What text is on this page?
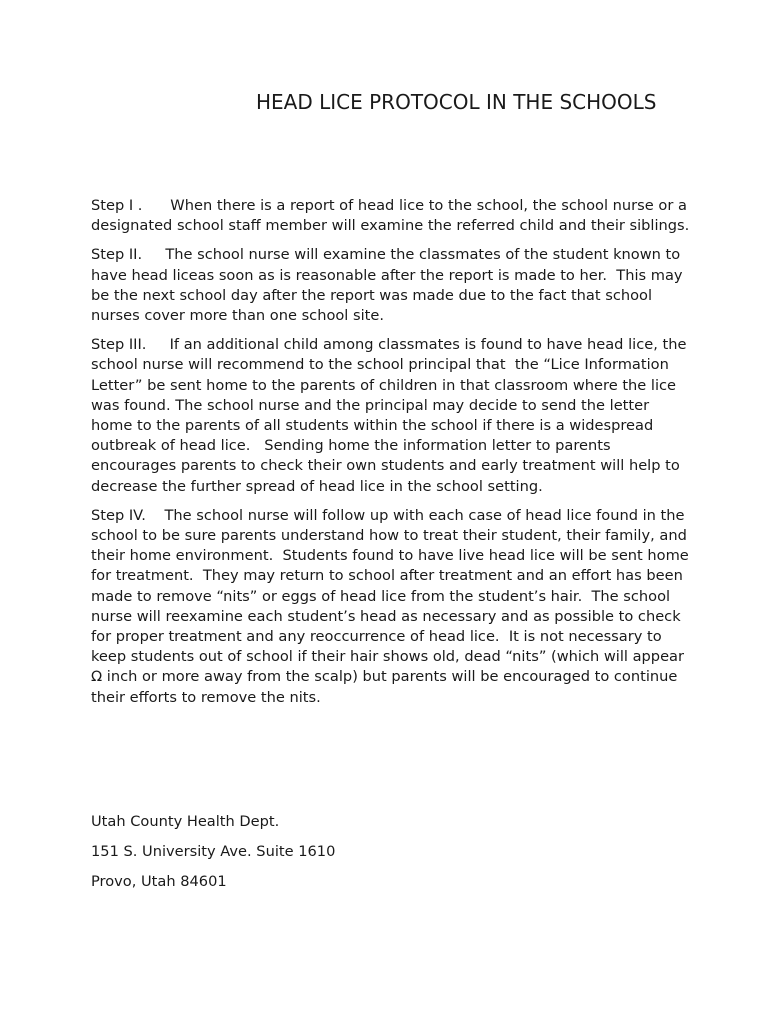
HEAD LICE PROTOCOL IN THE SCHOOLS

Step I . When there is a report of head lice to the school, the school nurse or a designated school staff member will examine the referred child and their siblings.

Step II. The school nurse will examine the classmates of the student known to have head liceas soon as is reasonable after the report is made to her.  This may be the next school day after the report was made due to the fact that school nurses cover more than one school site.

Step III. If an additional child among classmates is found to have head lice, the school nurse will recommend to the school principal that  the “Lice Information Letter” be sent home to the parents of children in that classroom where the lice was found. The school nurse and the principal may decide to send the letter home to the parents of all students within the school if there is a widespread outbreak of head lice.   Sending home the information letter to parents encourages parents to check their own students and early treatment will help to decrease the further spread of head lice in the school setting.

Step IV. The school nurse will follow up with each case of head lice found in the school to be sure parents understand how to treat their student, their family, and their home environment.  Students found to have live head lice will be sent home for treatment.  They may return to school after treatment and an effort has been made to remove “nits” or eggs of head lice from the student’s hair.  The school nurse will reexamine each student’s head as necessary and as possible to check for proper treatment and any reoccurrence of head lice.  It is not necessary to keep students out of school if their hair shows old, dead “nits” (which will appear Ω inch or more away from the scalp) but parents will be encouraged to continue their efforts to remove the nits.

Utah County Health Dept.
151 S. University Ave. Suite 1610
Provo, Utah 84601
